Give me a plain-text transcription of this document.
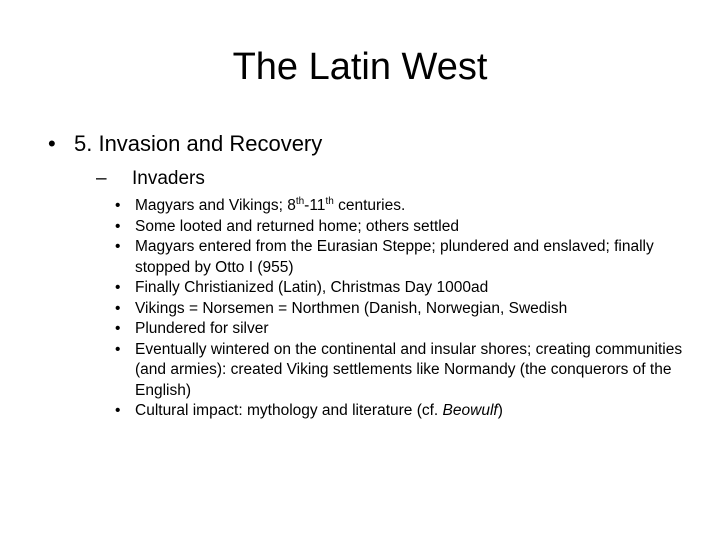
The Latin West
• 5. Invasion and Recovery
– Invaders
• Magyars and Vikings; 8th-11th centuries.
• Some looted and returned home; others settled
• Magyars entered from the Eurasian Steppe; plundered and enslaved; finally stopped by Otto I (955)
• Finally Christianized (Latin), Christmas Day 1000ad
• Vikings = Norsemen = Northmen (Danish, Norwegian, Swedish
• Plundered for silver
• Eventually wintered on the continental and insular shores; creating communities (and armies): created Viking settlements like Normandy (the conquerors of the English)
• Cultural impact: mythology and literature (cf. Beowulf)
